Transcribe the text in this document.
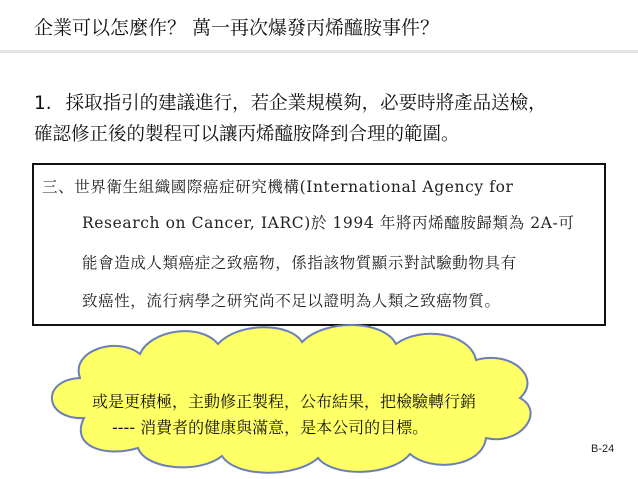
企業可以怎麼作？ 萬一再次爆發丙烯醯胺事件？
1. 採取指引的建議進行，若企業規模夠，必要時將產品送檢，
確認修正後的製程可以讓丙烯醯胺降到合理的範圍。
三、世界衛生組織國際癌症研究機構(International Agency for
Research on Cancer, IARC)於 1994 年將丙烯醯胺歸類為 2A-可
能會造成人類癌症之致癌物，係指該物質顯示對試驗動物具有
致癌性，流行病學之研究尚不足以證明為人類之致癌物質。
或是更積極，主動修正製程，公布結果，把檢驗轉行銷
---- 消費者的健康與滿意，是本公司的目標。
B-24
